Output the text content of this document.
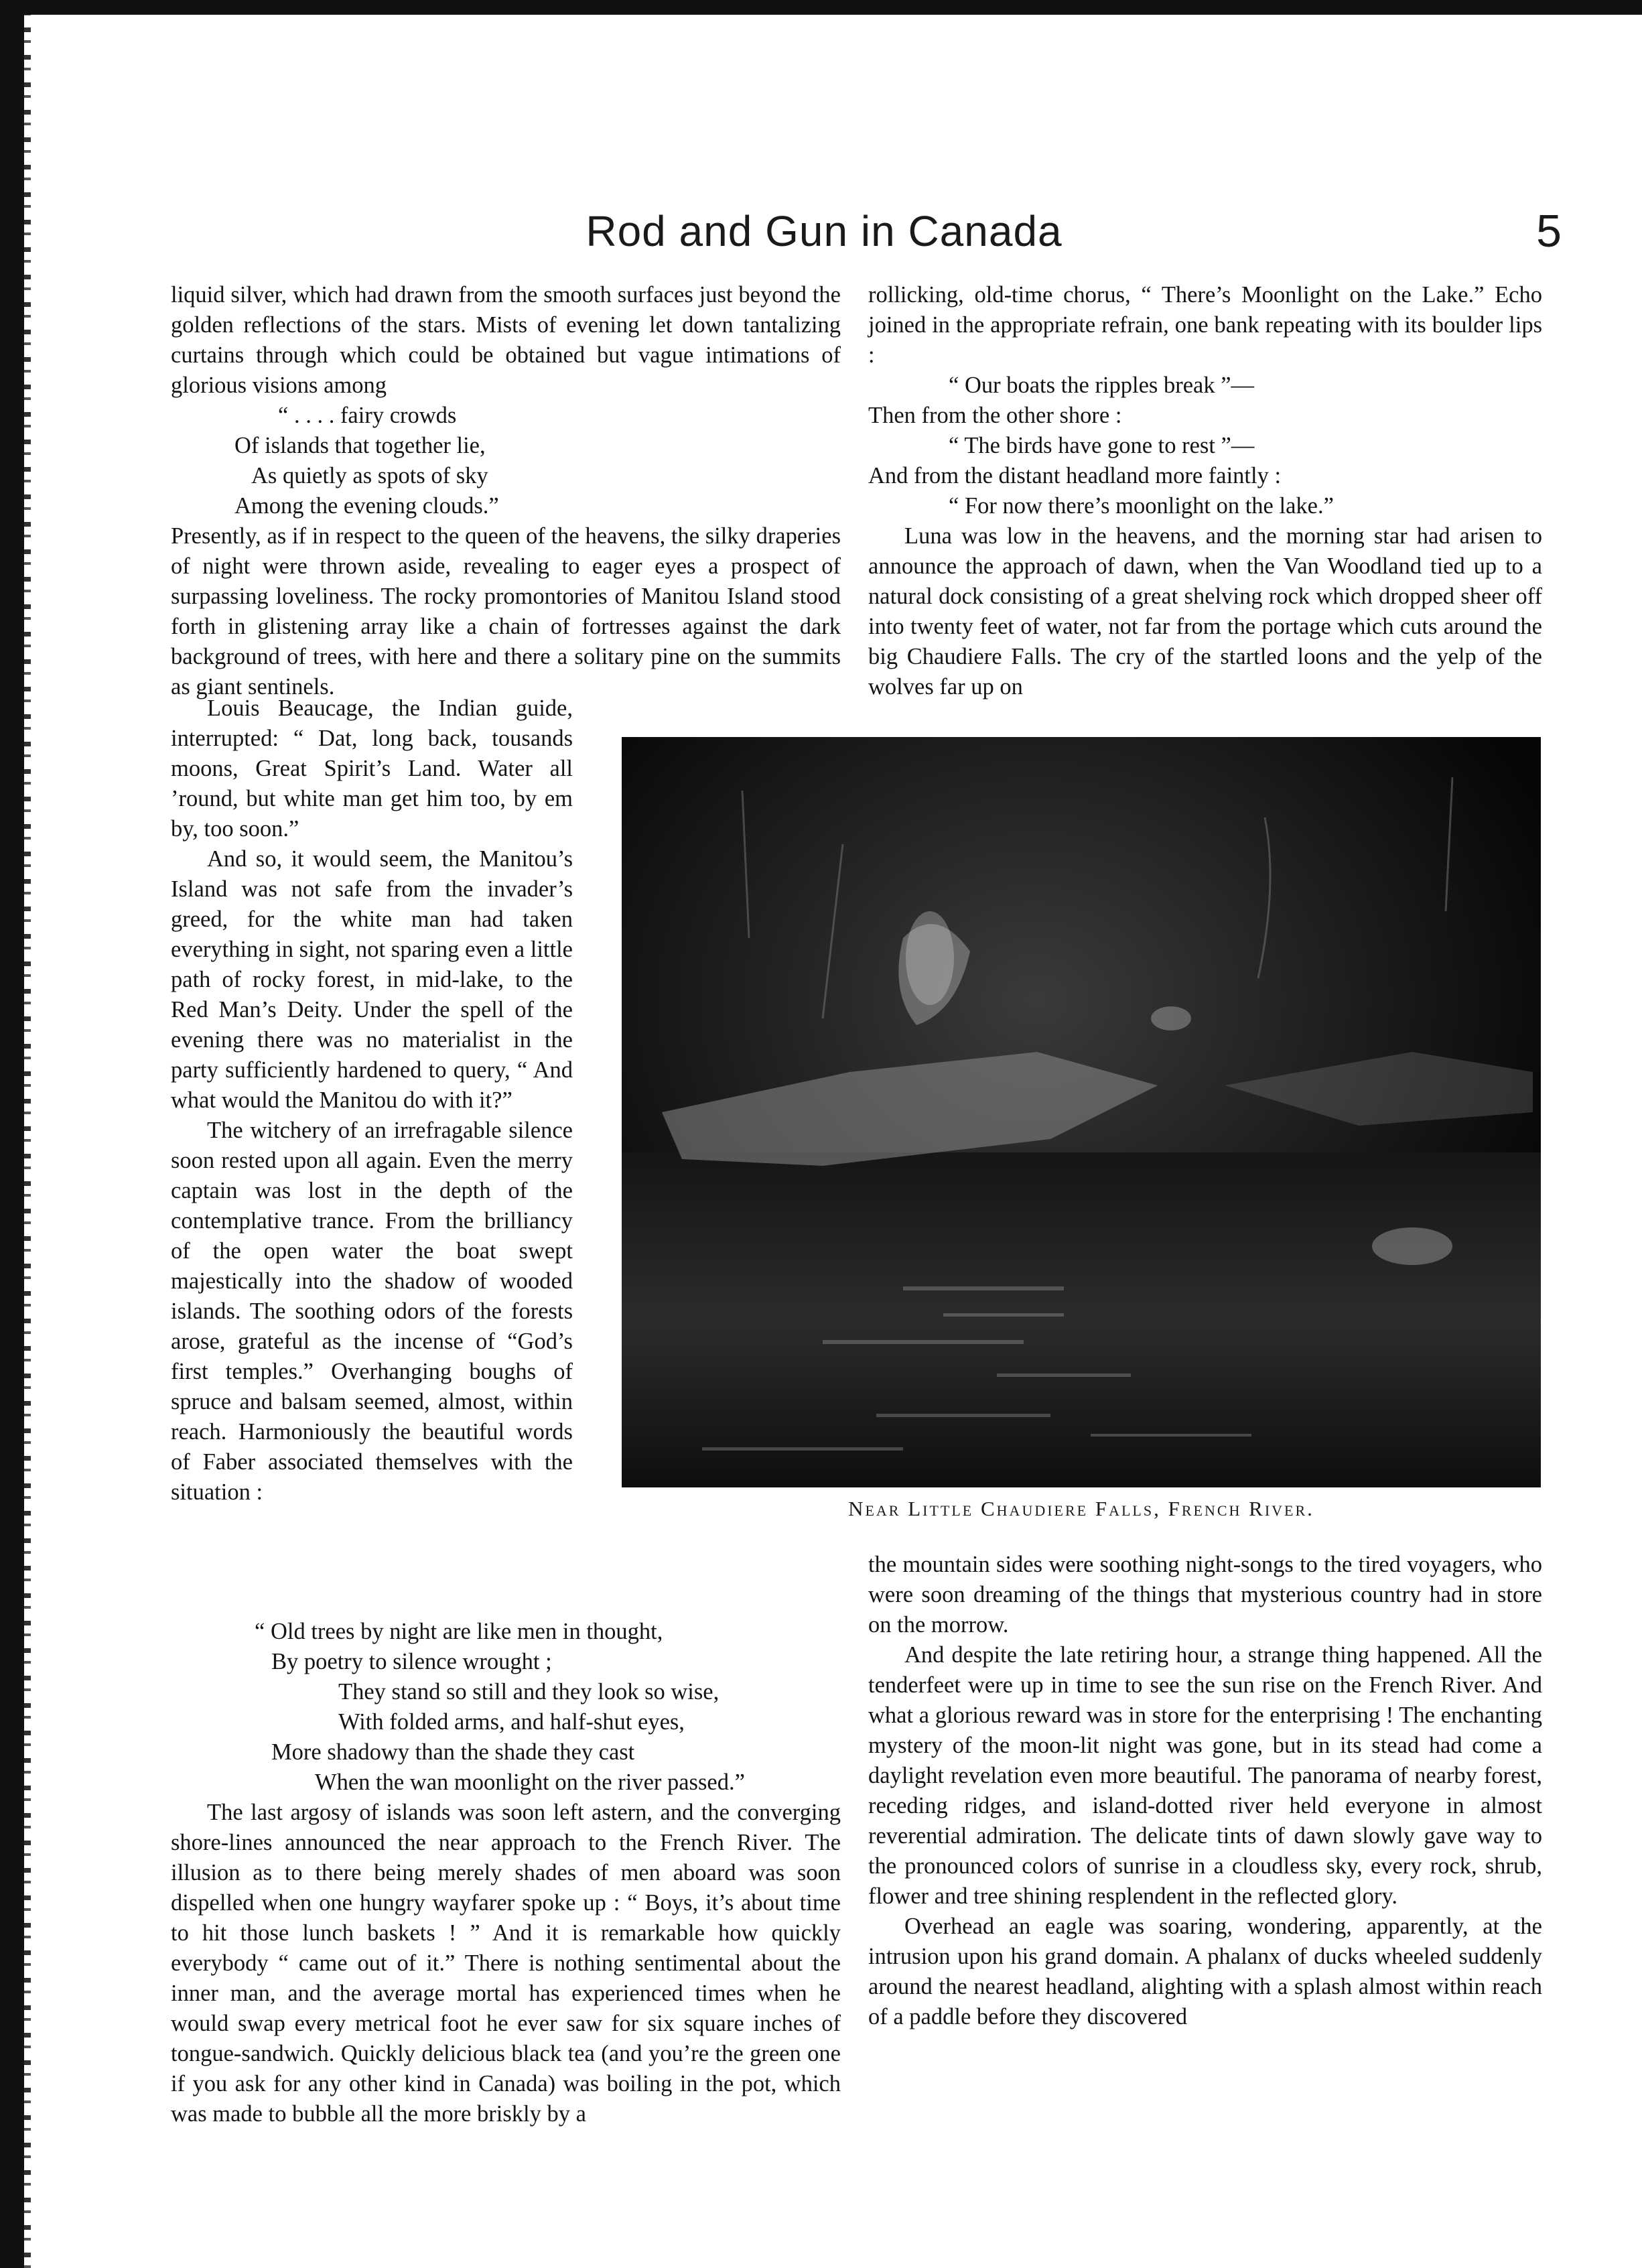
Rod and Gun in Canada	5

liquid silver, which had drawn from the smooth surfaces just beyond the golden reflections of the stars. Mists of evening let down tantalizing curtains through which could be obtained but vague intimations of glorious visions among

“ . . . . fairy crowds
Of islands that together lie,
As quietly as spots of sky
Among the evening clouds.”

Presently, as if in respect to the queen of the heavens, the silky draperies of night were thrown aside, revealing to eager eyes a prospect of surpassing loveliness. The rocky promontories of Manitou Island stood forth in glistening array like a chain of fortresses against the dark background of trees, with here and there a solitary pine on the summits as giant sentinels.

Louis Beaucage, the Indian guide, interrupted: “ Dat, long back, tousands moons, Great Spirit’s Land. Water all ’round, but white man get him too, by em by, too soon.”

And so, it would seem, the Manitou’s Island was not safe from the invader’s greed, for the white man had taken everything in sight, not sparing even a little path of rocky forest, in mid-lake, to the Red Man’s Deity. Under the spell of the evening there was no materialist in the party sufficiently hardened to query, “ And what would the Manitou do with it?”

The witchery of an irrefragable silence soon rested upon all again. Even the merry captain was lost in the depth of the contemplative trance. From the brilliancy of the open water the boat swept majestically into the shadow of wooded islands. The soothing odors of the forests arose, grateful as the incense of “God’s first temples.” Overhanging boughs of spruce and balsam seemed, almost, within reach. Harmoniously the beautiful words of Faber associated themselves with the situation :

“ Old trees by night are like men in thought,
By poetry to silence wrought ;
They stand so still and they look so wise,
With folded arms, and half-shut eyes,
More shadowy than the shade they cast
When the wan moonlight on the river passed.”

The last argosy of islands was soon left astern, and the converging shore-lines announced the near approach to the French River. The illusion as to there being merely shades of men aboard was soon dispelled when one hungry wayfarer spoke up : “ Boys, it’s about time to hit those lunch baskets ! ” And it is remarkable how quickly everybody “ came out of it.” There is nothing sentimental about the inner man, and the average mortal has experienced times when he would swap every metrical foot he ever saw for six square inches of tongue-sandwich. Quickly delicious black tea (and you’re the green one if you ask for any other kind in Canada) was boiling in the pot, which was made to bubble all the more briskly by a

rollicking, old-time chorus, “ There’s Moonlight on the Lake.” Echo joined in the appropriate refrain, one bank repeating with its boulder lips :

“ Our boats the ripples break ”—
Then from the other shore :
“ The birds have gone to rest ”—
And from the distant headland more faintly :
“ For now there’s moonlight on the lake.”

Luna was low in the heavens, and the morning star had arisen to announce the approach of dawn, when the Van Woodland tied up to a natural dock consisting of a great shelving rock which dropped sheer off into twenty feet of water, not far from the portage which cuts around the big Chaudiere Falls. The cry of the startled loons and the yelp of the wolves far up on

Near Little Chaudiere Falls, French River.

the mountain sides were soothing night-songs to the tired voyagers, who were soon dreaming of the things that mysterious country had in store on the morrow.

And despite the late retiring hour, a strange thing happened. All the tenderfeet were up in time to see the sun rise on the French River. And what a glorious reward was in store for the enterprising ! The enchanting mystery of the moon-lit night was gone, but in its stead had come a daylight revelation even more beautiful. The panorama of nearby forest, receding ridges, and island-dotted river held everyone in almost reverential admiration. The delicate tints of dawn slowly gave way to the pronounced colors of sunrise in a cloudless sky, every rock, shrub, flower and tree shining resplendent in the reflected glory.

Overhead an eagle was soaring, wondering, apparently, at the intrusion upon his grand domain. A phalanx of ducks wheeled suddenly around the nearest headland, alighting with a splash almost within reach of a paddle before they discovered
